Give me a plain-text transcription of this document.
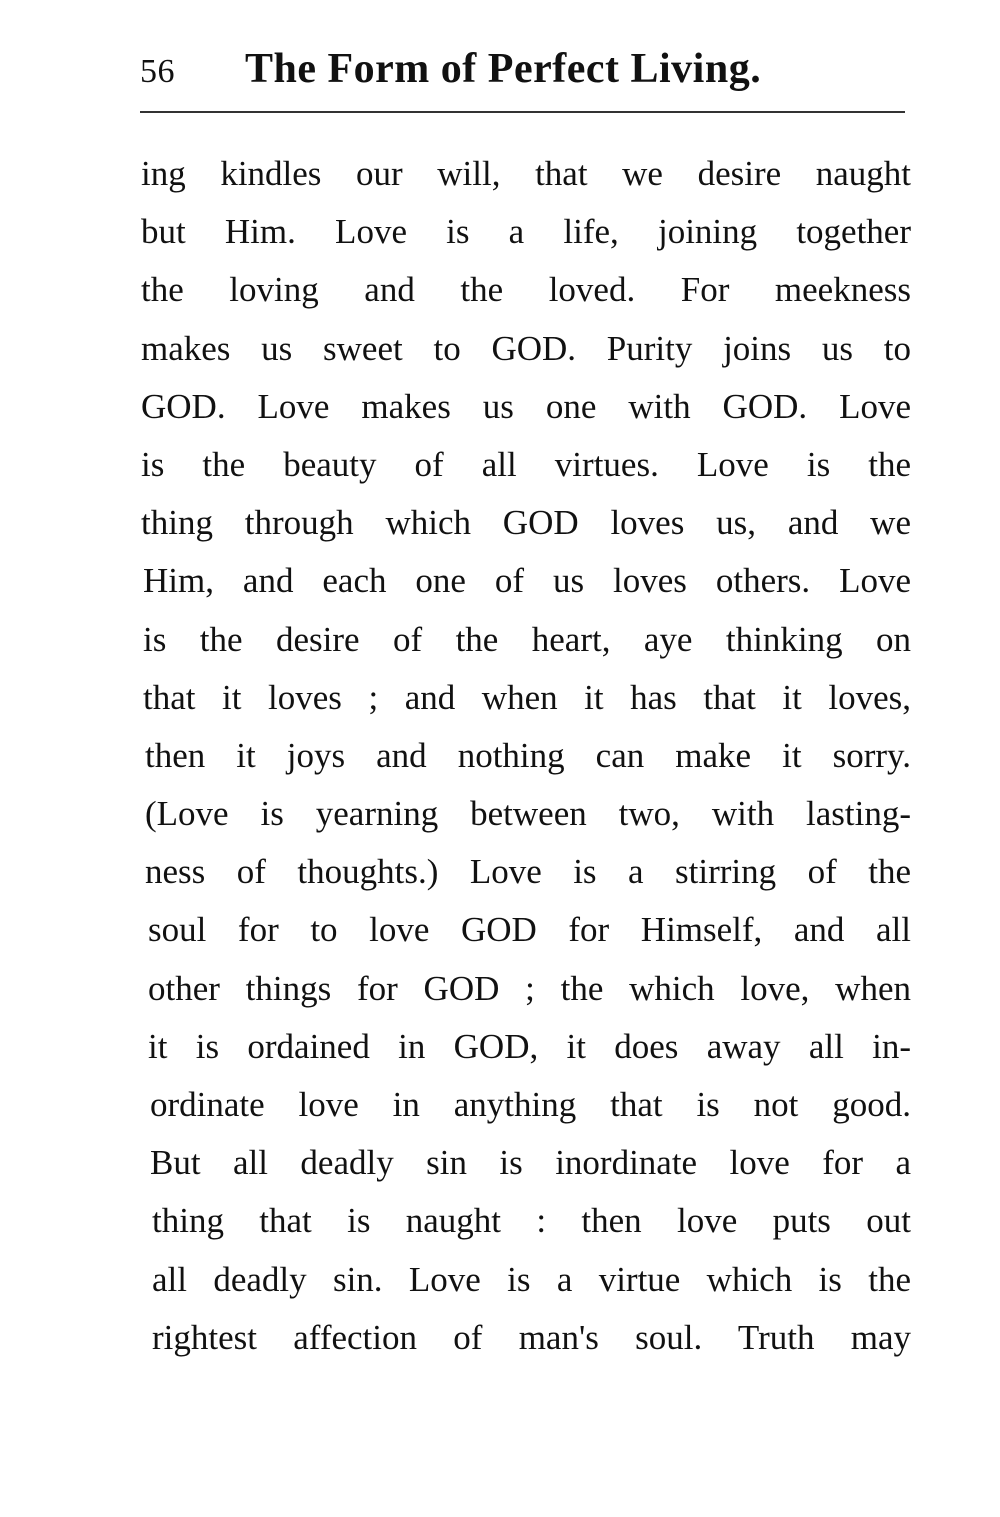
56 The Form of Perfect Living.
ing kindles our will, that we desire naught
but Him. Love is a life, joining together
the loving and the loved. For meekness
makes us sweet to GOD. Purity joins us to
GOD. Love makes us one with GOD. Love
is the beauty of all virtues. Love is the
thing through which GOD loves us, and we
Him, and each one of us loves others. Love
is the desire of the heart, aye thinking on
that it loves ; and when it has that it loves,
then it joys and nothing can make it sorry.
(Love is yearning between two, with lasting-
ness of thoughts.) Love is a stirring of the
soul for to love GOD for Himself, and all
other things for GOD ; the which love, when
it is ordained in GOD, it does away all in-
ordinate love in anything that is not good.
But all deadly sin is inordinate love for a
thing that is naught : then love puts out
all deadly sin. Love is a virtue which is the
rightest affection of man's soul. Truth may
